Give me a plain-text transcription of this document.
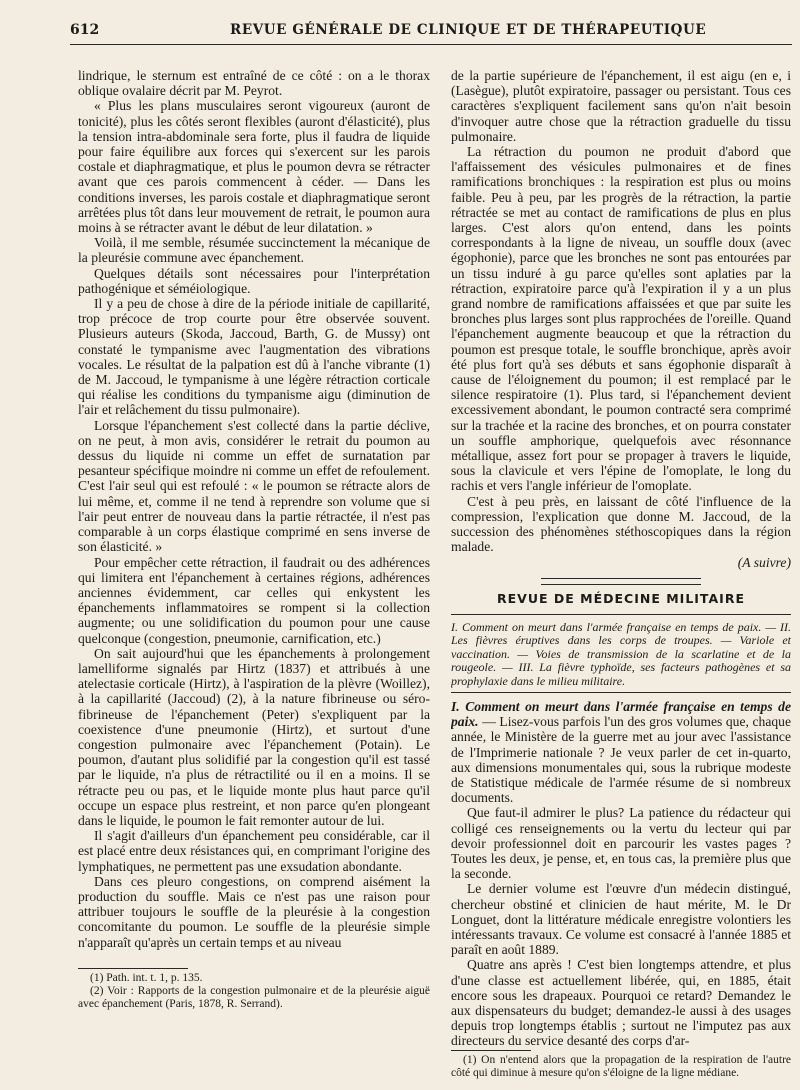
612	REVUE GÉNÉRALE DE CLINIQUE ET DE THÉRAPEUTIQUE

lindrique, le sternum est entraîné de ce côté : on a le thorax oblique ovalaire décrit par M. Peyrot.

« Plus les plans musculaires seront vigoureux (auront de tonicité), plus les côtés seront flexibles (auront d'élasticité), plus la tension intra-abdominale sera forte, plus il faudra de liquide pour faire équilibre aux forces qui s'exercent sur les parois costale et diaphragmatique, et plus le poumon devra se rétracter avant que ces parois commencent à céder. — Dans les conditions inverses, les parois costale et diaphragmatique seront arrêtées plus tôt dans leur mouvement de retrait, le poumon aura moins à se rétracter avant le début de leur dilatation. »

Voilà, il me semble, résumée succinctement la mécanique de la pleurésie commune avec épanchement.

Quelques détails sont nécessaires pour l'interprétation pathogénique et séméiologique.

Il y a peu de chose à dire de la période initiale de capillarité, trop précoce de trop courte pour être observée souvent. Plusieurs auteurs (Skoda, Jaccoud, Barth, G. de Mussy) ont constaté le tympanisme avec l'augmentation des vibrations vocales. Le résultat de la palpation est dû à l'anche vibrante (1) de M. Jaccoud, le tympanisme à une légère rétraction corticale qui réalise les conditions du tympanisme aigu (diminution de l'air et relâchement du tissu pulmonaire).

Lorsque l'épanchement s'est collecté dans la partie déclive, on ne peut, à mon avis, considérer le retrait du poumon au dessus du liquide ni comme un effet de surnatation par pesanteur spécifique moindre ni comme un effet de refoulement. C'est l'air seul qui est refoulé : « le poumon se rétracte alors de lui même, et, comme il ne tend à reprendre son volume que si l'air peut entrer de nouveau dans la partie rétractée, il n'est pas comparable à un corps élastique comprimé en sens inverse de son élasticité. »

Pour empêcher cette rétraction, il faudrait ou des adhérences qui limitera ent l'épanchement à certaines régions, adhérences anciennes évidemment, car celles qui enkystent les épanchements inflammatoires se rompent si la collection augmente; ou une solidification du poumon pour une cause quelconque (congestion, pneumonie, carnification, etc.)

On sait aujourd'hui que les épanchements à prolongement lamelliforme signalés par Hirtz (1837) et attribués à une atelectasie corticale (Hirtz), à l'aspiration de la plèvre (Woillez), à la capillarité (Jaccoud) (2), à la nature fibrineuse ou séro-fibrineuse de l'épanchement (Peter) s'expliquent par la coexistence d'une pneumonie (Hirtz), et surtout d'une congestion pulmonaire avec l'épanchement (Potain). Le poumon, d'autant plus solidifié par la congestion qu'il est tassé par le liquide, n'a plus de rétractilité ou il en a moins. Il se rétracte peu ou pas, et le liquide monte plus haut parce qu'il occupe un espace plus restreint, et non parce qu'en plongeant dans le liquide, le poumon le fait remonter autour de lui.

Il s'agit d'ailleurs d'un épanchement peu considérable, car il est placé entre deux résistances qui, en comprimant l'origine des lymphatiques, ne permettent pas une exsudation abondante.

Dans ces pleuro congestions, on comprend aisément la production du souffle. Mais ce n'est pas une raison pour attribuer toujours le souffle de la pleurésie à la congestion concomitante du poumon. Le souffle de la pleurésie simple n'apparaît qu'après un certain temps et au niveau

(1) Path. int. t. 1, p. 135.

(2) Voir : Rapports de la congestion pulmonaire et de la pleurésie aiguë avec épanchement (Paris, 1878, R. Serrand).

de la partie supérieure de l'épanchement, il est aigu (en e, i (Lasègue), plutôt expiratoire, passager ou persistant. Tous ces caractères s'expliquent facilement sans qu'on n'ait besoin d'invoquer autre chose que la rétraction graduelle du tissu pulmonaire.

La rétraction du poumon ne produit d'abord que l'affaissement des vésicules pulmonaires et de fines ramifications bronchiques : la respiration est plus ou moins faible. Peu à peu, par les progrès de la rétraction, la partie rétractée se met au contact de ramifications de plus en plus larges. C'est alors qu'on entend, dans les points correspondants à la ligne de niveau, un souffle doux (avec égophonie), parce que les bronches ne sont pas entourées par un tissu induré à gu parce qu'elles sont aplaties par la rétraction, expiratoire parce qu'à l'expiration il y a un plus grand nombre de ramifications affaissées et que par suite les bronches plus larges sont plus rapprochées de l'oreille. Quand l'épanchement augmente beaucoup et que la rétraction du poumon est presque totale, le souffle bronchique, après avoir été plus fort qu'à ses débuts et sans égophonie disparaît à cause de l'éloignement du poumon; il est remplacé par le silence respiratoire (1). Plus tard, si l'épanchement devient excessivement abondant, le poumon contracté sera comprimé sur la trachée et la racine des bronches, et on pourra constater un souffle amphorique, quelquefois avec résonnance métallique, assez fort pour se propager à travers le liquide, sous la clavicule et vers l'épine de l'omoplate, le long du rachis et vers l'angle inférieur de l'omoplate.

C'est à peu près, en laissant de côté l'influence de la compression, l'explication que donne M. Jaccoud, de la succession des phénomènes stéthoscopiques dans la région malade.

(A suivre)

REVUE DE MÉDECINE MILITAIRE

I. Comment on meurt dans l'armée française en temps de paix. — II. Les fièvres éruptives dans les corps de troupes. — Variole et vaccination. — Voies de transmission de la scarlatine et de la rougeole. — III. La fièvre typhoïde, ses facteurs pathogènes et sa prophylaxie dans le milieu militaire.

I. Comment on meurt dans l'armée française en temps de paix. — Lisez-vous parfois l'un des gros volumes que, chaque année, le Ministère de la guerre met au jour avec l'assistance de l'Imprimerie nationale ? Je veux parler de cet in-quarto, aux dimensions monumentales qui, sous la rubrique modeste de Statistique médicale de l'armée résume de si nombreux documents.

Que faut-il admirer le plus? La patience du rédacteur qui colligé ces renseignements ou la vertu du lecteur qui par devoir professionnel doit en parcourir les vastes pages ? Toutes les deux, je pense, et, en tous cas, la première plus que la seconde.

Le dernier volume est l'œuvre d'un médecin distingué, chercheur obstiné et clinicien de haut mérite, M. le Dr Longuet, dont la littérature médicale enregistre volontiers les intéressants travaux. Ce volume est consacré à l'année 1885 et paraît en août 1889.

Quatre ans après ! C'est bien longtemps attendre, et plus d'une classe est actuellement libérée, qui, en 1885, était encore sous les drapeaux. Pourquoi ce retard? Demandez le aux dispensateurs du budget; demandez-le aussi à des usages depuis trop longtemps établis ; surtout ne l'imputez pas aux directeurs du service desanté des corps d'ar-

(1) On n'entend alors que la propagation de la respiration de l'autre côté qui diminue à mesure qu'on s'éloigne de la ligne médiane.
